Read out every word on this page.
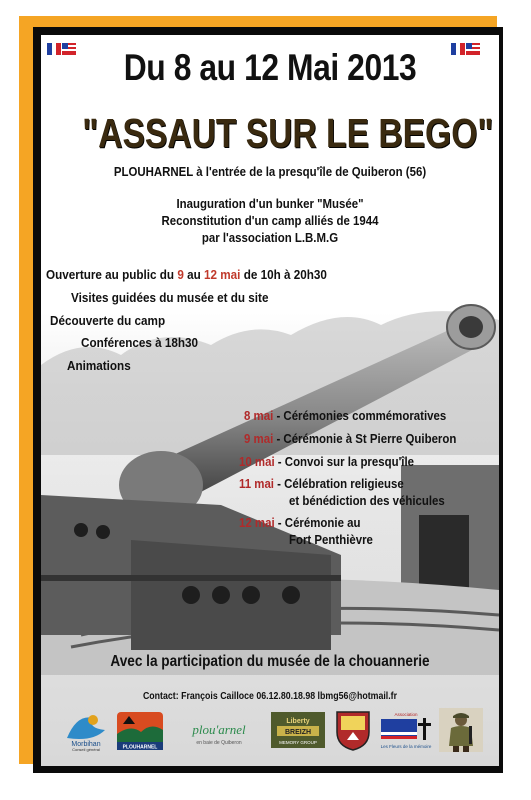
Du 8 au 12 Mai 2013

"ASSAUT SUR LE BEGO"

PLOUHARNEL à l'entrée de la presqu'île de Quiberon (56)

Inauguration d'un bunker "Musée"

Reconstitution d'un camp alliés de 1944

par l'association L.B.M.G

Ouverture au public du 9 au 12 mai de 10h à 20h30

Visites guidées du musée et du site

Découverte du camp

Conférences à 18h30

Animations

8 mai - Cérémonies commémoratives

9 mai - Cérémonie à St Pierre Quiberon

10 mai - Convoi sur la presqu'île

11 mai - Célébration religieuse

et bénédiction des véhicules

12 mai - Cérémonie au

Fort Penthièvre

Avec la participation du musée de la chouannerie

Contact: François Cailloce 06.12.80.18.98 lbmg56@hotmail.fr

Morbihan
Conseil général	PLOUHARNEL
plou'arnel
en baie de Quiberon
Liberty
BREIZH
MEMORY GROUP
Association
Les Fleurs de la mémoire
